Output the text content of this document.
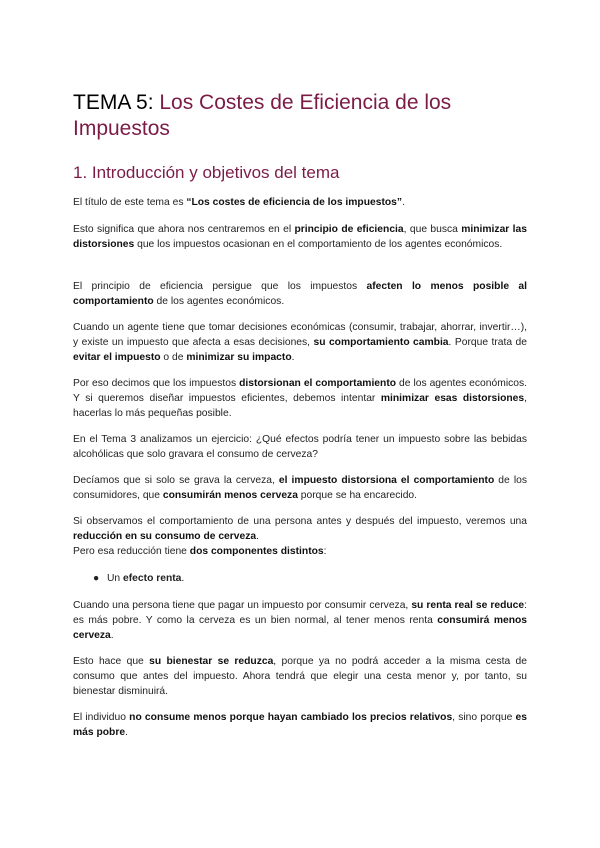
TEMA 5: Los Costes de Eficiencia de los Impuestos
1. Introducción y objetivos del tema

El título de este tema es “Los costes de eficiencia de los impuestos”.

Esto significa que ahora nos centraremos en el principio de eficiencia, que busca minimizar las distorsiones que los impuestos ocasionan en el comportamiento de los agentes económicos.

El principio de eficiencia persigue que los impuestos afecten lo menos posible al comportamiento de los agentes económicos.

Cuando un agente tiene que tomar decisiones económicas (consumir, trabajar, ahorrar, invertir…), y existe un impuesto que afecta a esas decisiones, su comportamiento cambia. Porque trata de evitar el impuesto o de minimizar su impacto.

Por eso decimos que los impuestos distorsionan el comportamiento de los agentes económicos. Y si queremos diseñar impuestos eficientes, debemos intentar minimizar esas distorsiones, hacerlas lo más pequeñas posible.

En el Tema 3 analizamos un ejercicio: ¿Qué efectos podría tener un impuesto sobre las bebidas alcohólicas que solo gravara el consumo de cerveza?

Decíamos que si solo se grava la cerveza, el impuesto distorsiona el comportamiento de los consumidores, que consumirán menos cerveza porque se ha encarecido.

Si observamos el comportamiento de una persona antes y después del impuesto, veremos una reducción en su consumo de cerveza.

Pero esa reducción tiene dos componentes distintos:

● Un efecto renta.

Cuando una persona tiene que pagar un impuesto por consumir cerveza, su renta real se reduce: es más pobre. Y como la cerveza es un bien normal, al tener menos renta consumirá menos cerveza.

Esto hace que su bienestar se reduzca, porque ya no podrá acceder a la misma cesta de consumo que antes del impuesto. Ahora tendrá que elegir una cesta menor y, por tanto, su bienestar disminuirá.

El individuo no consume menos porque hayan cambiado los precios relativos, sino porque es más pobre.
